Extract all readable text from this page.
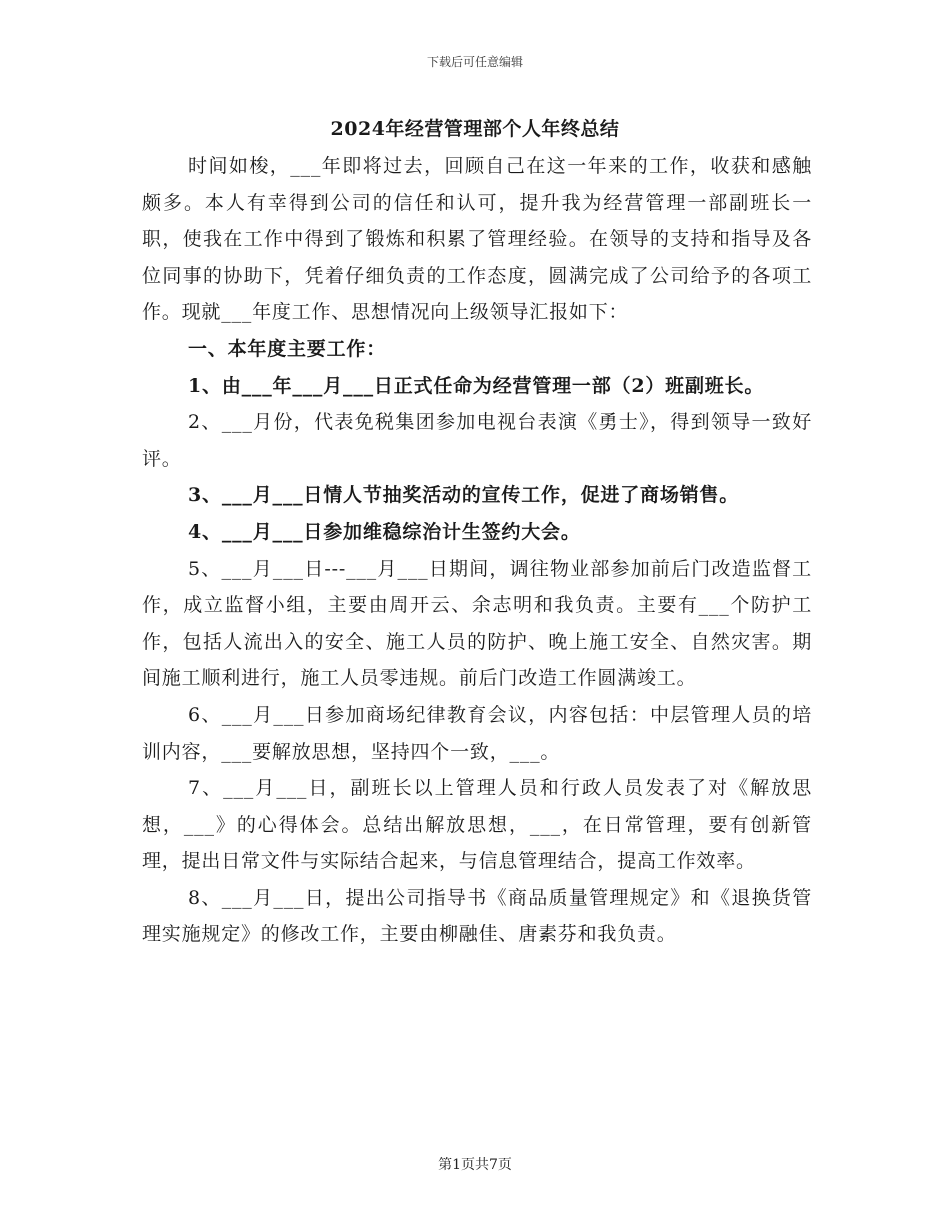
下载后可任意编辑
2024年经营管理部个人年终总结

时间如梭，___年即将过去，回顾自己在这一年来的工作，收获和感触颇多。本人有幸得到公司的信任和认可，提升我为经营管理一部副班长一职，使我在工作中得到了锻炼和积累了管理经验。在领导的支持和指导及各位同事的协助下，凭着仔细负责的工作态度，圆满完成了公司给予的各项工作。现就___年度工作、思想情况向上级领导汇报如下：

一、本年度主要工作：

1、由___年___月___日正式任命为经营管理一部（2）班副班长。

2、___月份，代表免税集团参加电视台表演《勇士》，得到领导一致好评。

3、___月___日情人节抽奖活动的宣传工作，促进了商场销售。

4、___月___日参加维稳综治计生签约大会。

5、___月___日---___月___日期间，调往物业部参加前后门改造监督工作，成立监督小组，主要由周开云、余志明和我负责。主要有___个防护工作，包括人流出入的安全、施工人员的防护、晚上施工安全、自然灾害。期间施工顺利进行，施工人员零违规。前后门改造工作圆满竣工。

6、___月___日参加商场纪律教育会议，内容包括：中层管理人员的培训内容，___要解放思想，坚持四个一致，___。

7、___月___日，副班长以上管理人员和行政人员发表了对《解放思想，___》的心得体会。总结出解放思想，___，在日常管理，要有创新管理，提出日常文件与实际结合起来，与信息管理结合，提高工作效率。

8、___月___日，提出公司指导书《商品质量管理规定》和《退换货管理实施规定》的修改工作，主要由柳融佳、唐素芬和我负责。

第1页共7页
